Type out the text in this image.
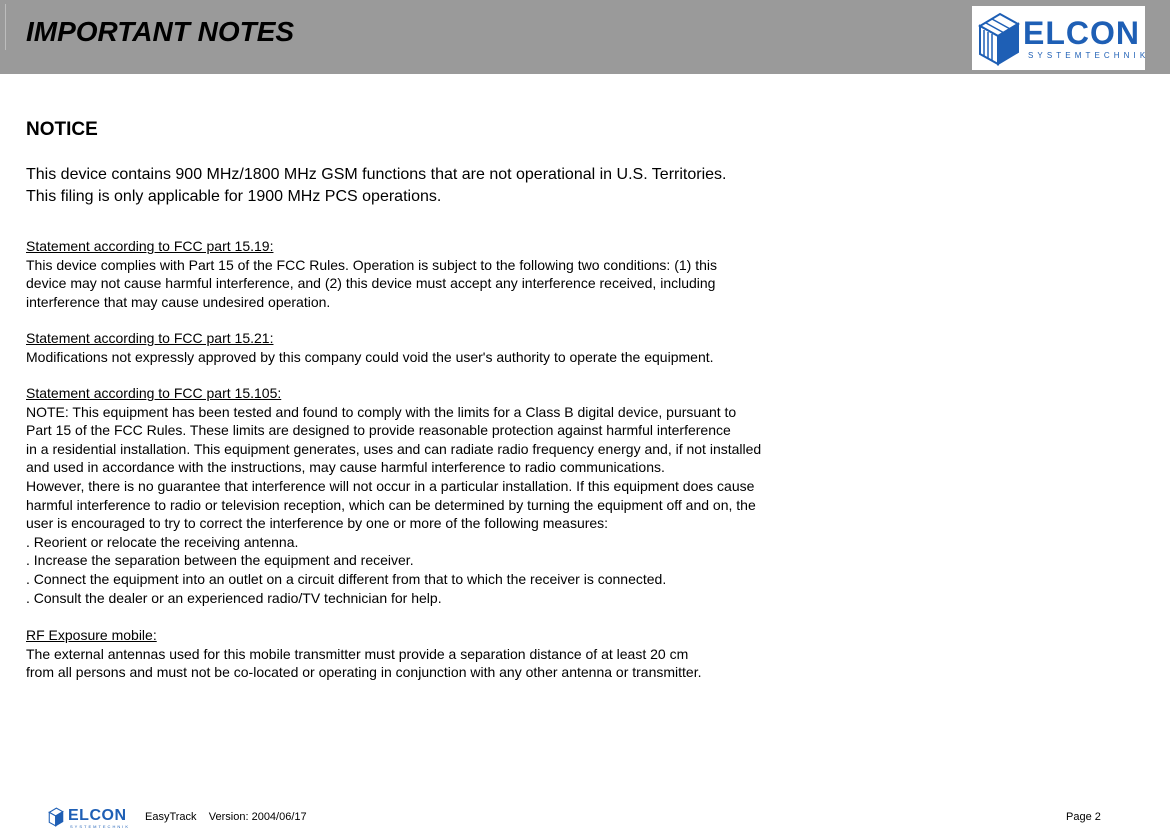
IMPORTANT NOTES	ELCON
SYSTEMTECHNIK
NOTICE
This device contains 900 MHz/1800 MHz GSM functions that are not operational in U.S. Territories.
This filing is only applicable for 1900 MHz PCS operations.
Statement according to FCC part 15.19:
This device complies with Part 15 of the FCC Rules. Operation is subject to the following two conditions: (1) this
device may not cause harmful interference, and (2) this device must accept any interference received, including
interference that may cause undesired operation.
Statement according to FCC part 15.21:
Modifications not expressly approved by this company could void the user's authority to operate the equipment.
Statement according to FCC part 15.105:
NOTE: This equipment has been tested and found to comply with the limits for a Class B digital device, pursuant to
Part 15 of the FCC Rules. These limits are designed to provide reasonable protection against harmful interference
in a residential installation. This equipment generates, uses and can radiate radio frequency energy and, if not installed
and used in accordance with the instructions, may cause harmful interference to radio communications.
However, there is no guarantee that interference will not occur in a particular installation. If this equipment does cause
harmful interference to radio or television reception, which can be determined by turning the equipment off and on, the
user is encouraged to try to correct the interference by one or more of the following measures:
. Reorient or relocate the receiving antenna.
. Increase the separation between the equipment and receiver.
. Connect the equipment into an outlet on a circuit different from that to which the receiver is connected.
. Consult the dealer or an experienced radio/TV technician for help.
RF Exposure mobile:
The external antennas used for this mobile transmitter must provide a separation distance of at least 20 cm
from all persons and must not be co-located or operating in conjunction with any other antenna or transmitter.
ELCON
SYSTEMTECHNIK
EasyTrack Version: 2004/06/17	Page 2
